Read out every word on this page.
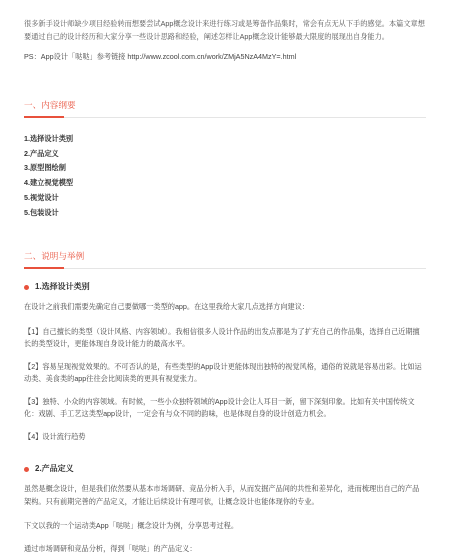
很多新手设计师缺少项目经验转而想要尝试App概念设计来进行练习或是筹备作品集时，常会有点无从下手的感觉。本篇文章想要通过自己的设计经历和大家分享一些设计思路和经验，阐述怎样让App概念设计能够最大限度的展现出自身能力。

PS：App设计「哒哒」参考链接 http://www.zcool.com.cn/work/ZMjA5NzA4MzY=.html

一、内容纲要
1.选择设计类别
2.产品定义
3.原型图绘制
4.建立视觉模型
5.视觉设计
5.包装设计
二、说明与举例
1.选择设计类别

在设计之前我们需要先确定自己要做哪一类型的app。在这里我给大家几点选择方向建议：

【1】自己擅长的类型（设计风格、内容领域）。我相信很多人设计作品的出发点都是为了扩充自己的作品集，选择自己近期擅长的类型设计，更能体现自身设计能力的最高水平。

【2】容易呈现视觉效果的。不可否认的是，有些类型的App设计更能体现出独特的视觉风格，通俗的说就是容易出彩。比如运动类、美食类的app往往会比阅读类的更具有视觉张力。

【3】独特、小众的内容领域。有时候，一些小众独特领域的App设计会让人耳目一新，留下深刻印象。比如有关中国传统文化：戏剧、手工艺这类型app设计，一定会有与众不同的韵味，也是体现自身的设计创造力机会。

【4】设计流行趋势

2.产品定义

虽然是概念设计，但是我们依然要从基本市场调研、竞品分析入手，从而发掘产品间的共性和差异化，进而梳理出自己的产品架构。只有前期完善的产品定义，才能让后续设计有理可依，让概念设计也能体现你的专业。

下文以我的一个运动类App「哒哒」概念设计为例，分享思考过程。

通过市场调研和竞品分析，得到「哒哒」的产品定义：
